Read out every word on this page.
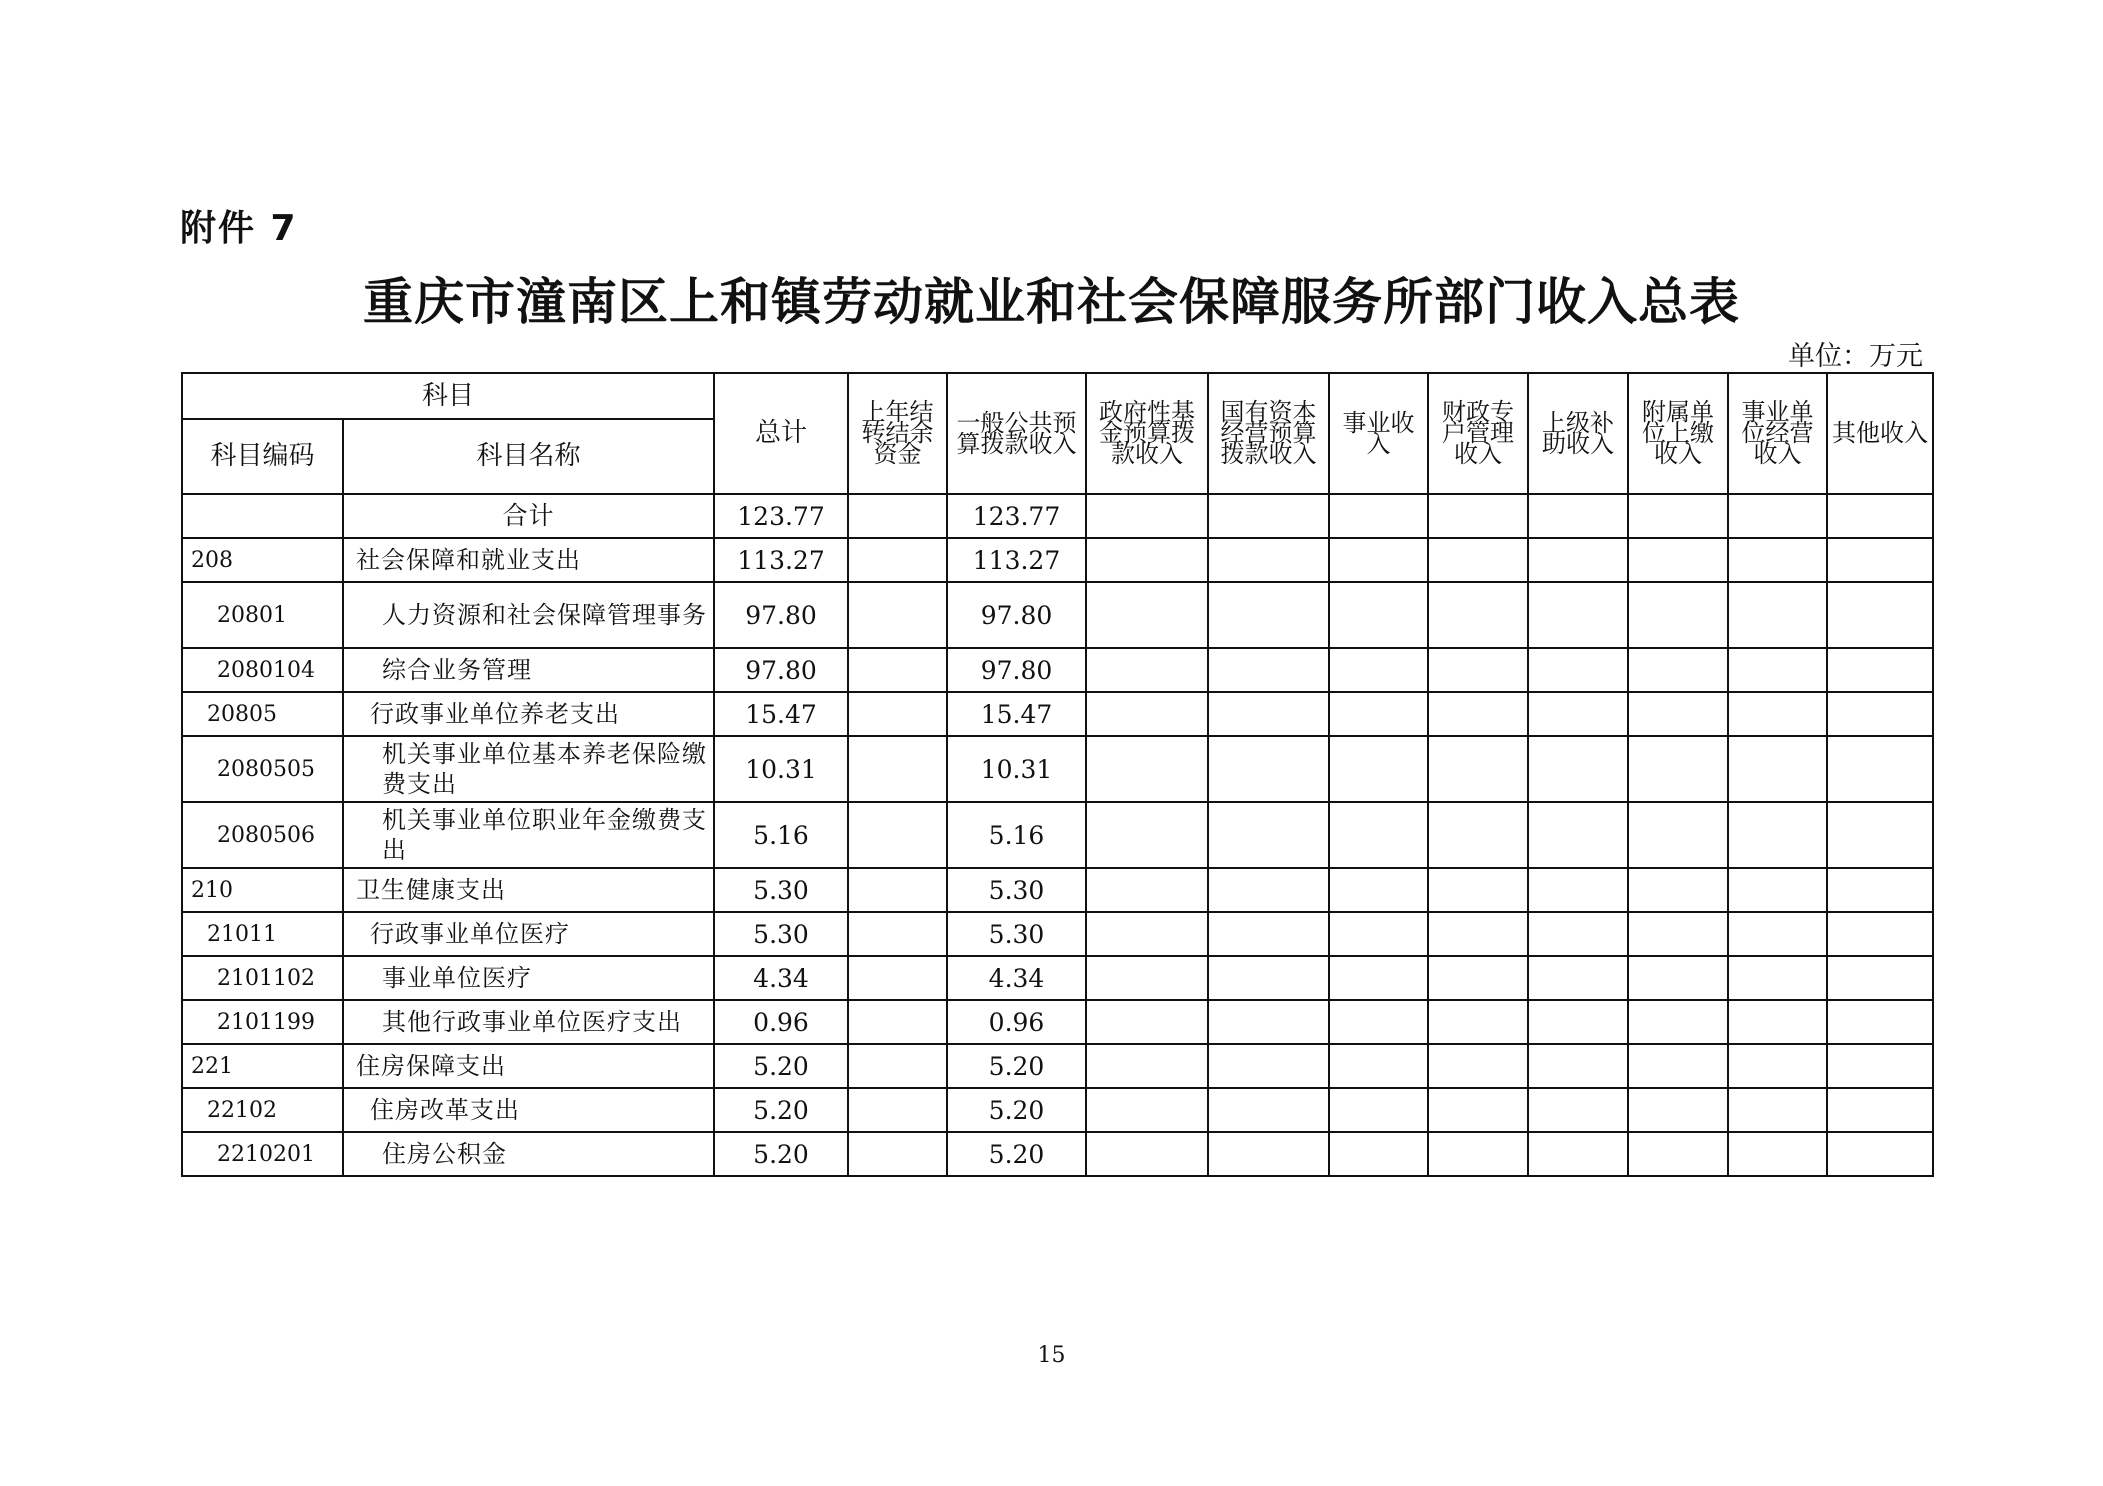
附件 7
重庆市潼南区上和镇劳动就业和社会保障服务所部门收入总表
单位：万元
科目		总计	上年结转结余资金	一般公共预算拨款收入	政府性基金预算拨款收入	国有资本经营预算拨款收入	事业收入	财政专户管理收入	上级补助收入	附属单位上缴收入	事业单位经营收入	其他收入
科目编码	科目名称											
	合计	123.77		123.77								
208	社会保障和就业支出	113.27		113.27								
20801	人力资源和社会保障管理事务	97.80		97.80								
2080104	综合业务管理	97.80		97.80								
20805	行政事业单位养老支出	15.47		15.47								
2080505	机关事业单位基本养老保险缴费支出	10.31		10.31								
2080506	机关事业单位职业年金缴费支出	5.16		5.16								
210	卫生健康支出	5.30		5.30								
21011	行政事业单位医疗	5.30		5.30								
2101102	事业单位医疗	4.34		4.34								
2101199	其他行政事业单位医疗支出	0.96		0.96								
221	住房保障支出	5.20		5.20								
22102	住房改革支出	5.20		5.20								
2210201	住房公积金	5.20		5.20								
15
